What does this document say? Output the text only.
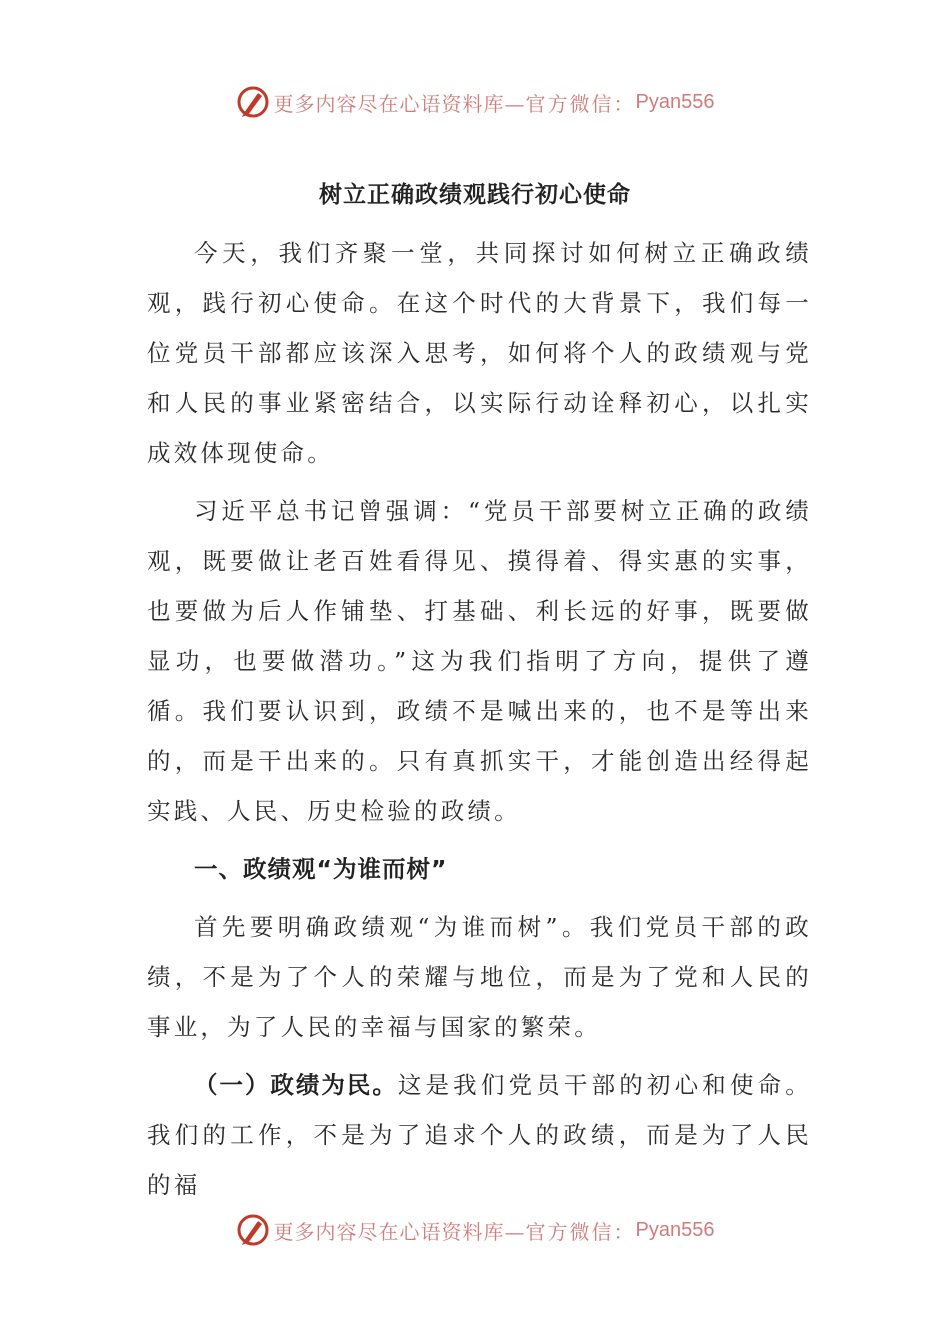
更多内容尽在心语资料库— 官方微信： Pyan556
树立正确政绩观践行初心使命

今天，我们齐聚一堂，共同探讨如何树立正确政绩观，践行初心使命。在这个时代的大背景下，我们每一位党员干部都应该深入思考，如何将个人的政绩观与党和人民的事业紧密结合，以实际行动诠释初心，以扎实成效体现使命。

习近平总书记曾强调：“党员干部要树立正确的政绩观，既要做让老百姓看得见、摸得着、得实惠的实事，也要做为后人作铺垫、打基础、利长远的好事，既要做显功，也要做潜功。”这为我们指明了方向，提供了遵循。我们要认识到，政绩不是喊出来的，也不是等出来的，而是干出来的。只有真抓实干，才能创造出经得起实践、人民、历史检验的政绩。

一、政绩观“为谁而树”

首先要明确政绩观“为谁而树”。我们党员干部的政绩，不是为了个人的荣耀与地位，而是为了党和人民的事业，为了人民的幸福与国家的繁荣。

（一）政绩为民。这是我们党员干部的初心和使命。我们的工作，不是为了追求个人的政绩，而是为了人民的福

更多内容尽在心语资料库— 官方微信： Pyan556
